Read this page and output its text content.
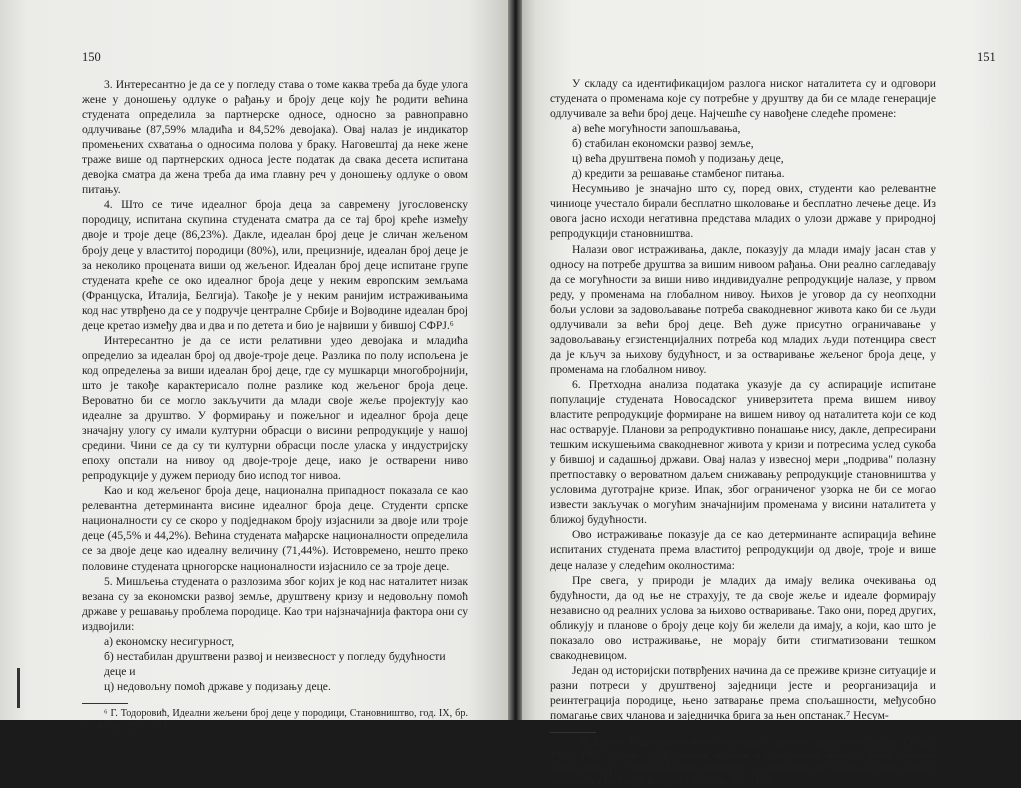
150

3. Интересантно је да се у погледу става о томе каква треба да буде улога жене у доношењу одлуке о рађању и броју деце коју ће родити већина студената определила за партнерске односе, односно за равноправно одлучивање (87,59% младића и 84,52% девојака). Овај налаз је индикатор промењених схватања о односима полова у браку. Наговештај да неке жене траже више од партнерских односа јесте податак да свака десета испитана девојка сматра да жена треба да има главну реч у доношењу одлуке о овом питању.

4. Што се тиче идеалног броја деца за савремену југословенску породицу, испитана скупина студената сматра да се тај број креће између двоје и троје деце (86,23%). Дакле, идеалан број деце је сличан жељеном броју деце у властитој породици (80%), или, прецизније, идеалан број деце је за неколико процената виши од жељеног. Идеалан број деце испитане групе студената креће се око идеалног броја деце у неким европским земљама (Француска, Италија, Белгија). Такође је у неким ранијим истраживањима код нас утврђено да се у подручје централне Србије и Војводине идеалан број деце кретао између два и два и по детета и био је највиши у бившој СФРЈ.⁶

Интересантно је да се исти релативни удео девојака и младића определио за идеалан број од двоје-троје деце. Разлика по полу испољена је код определења за виши идеалан број деце, где су мушкарци многобројнији, што је такође карактерисало полне разлике код жељеног броја деце. Вероватно би се могло закључити да млади своје жеље пројектују као идеалне за друштво. У формирању и пожељног и идеалног броја деце значајну улогу су имали културни обрасци о висини репродукције у нашој средини. Чини се да су ти културни обрасци после уласка у индустријску епоху опстали на нивоу од двоје-троје деце, иако је остварени ниво репродукције у дужем периоду био испод тог нивоа.

Као и код жељеног броја деце, национална припадност показала се као релевантна детерминанта висине идеалног броја деце. Студенти српске националности су се скоро у подједнаком броју изјаснили за двоје или троје деце (45,5% и 44,2%). Већина студената мађарске националности определила се за двоје деце као идеалну величину (71,44%). Истовремено, нешто преко половине студената црногорске националности изјаснило се за троје деце.

5. Мишљења студената о разлозима због којих је код нас наталитет низак везана су за економски развој земље, друштвену кризу и недовољну помоћ државе у решавању проблема породице. Као три најзначајнија фактора они су издвојили:

а) економску несигурност,

б) нестабилан друштвени развој и неизвесност у погледу будућности деце и

ц) недовољну помоћ државе у подизању деце.

⁶ Г. Тодоровић, Идеални жељени број деце у породици, Становништво, год. IX, бр. 3—4, стр. 297—311.

151

У складу са идентификацијом разлога ниског наталитета су и одговори студената о променама које су потребне у друштву да би се младе генерације одлучивале за већи број деце. Најчешће су навођене следеће промене:

а) веће могућности запошљавања,

б) стабилан економски развој земље,

ц) већа друштвена помоћ у подизању деце,

д) кредити за решавање стамбеног питања.

Несумњиво је значајно што су, поред ових, студенти као релевантне чиниоце учестало бирали бесплатно школовање и бесплатно лечење деце. Из овога јасно исходи негативна представа младих о улози државе у природној репродукцији становништва.

Налази овог истраживања, дакле, показују да млади имају јасан став у односу на потребе друштва за вишим нивоом рађања. Они реално сагледавају да се могућности за виши ниво индивидуалне репродукције налазе, у првом реду, у променама на глобалном нивоу. Њихов је уговор да су неопходни бољи услови за задовољавање потреба свакодневног живота како би се људи одлучивали за већи број деце. Већ дуже присутно ограничавање у задовољавању егзистенцијалних потреба код младих људи потенцира свест да је кључ за њихову будућност, и за остваривање жељеног броја деце, у променама на глобалном нивоу.

6. Претходна анализа података указује да су аспирације испитане популације студената Новосадског универзитета према вишем нивоу властите репродукције формиране на вишем нивоу од наталитета који се код нас остварује. Планови за репродуктивно понашање нису, дакле, депресирани тешким искушењима свакодневног живота у кризи и потресима услед сукоба у бившој и садашњој држави. Овај налаз у извесној мери „подрива" полазну претпоставку о вероватном даљем снижавању репродукције становништва у условима дуготрајне кризе. Ипак, због ограниченог узорка не би се могао извести закључак о могућим значајнијим променама у висини наталитета у ближој будућности.

Ово истраживање показује да се као детерминанте аспирација већине испитаних студената према властитој репродукцији од двоје, троје и више деце налазе у следећим околностима:

Пре свега, у природи је младих да имају велика очекивања од будућности, да од ње не страхују, те да своје жеље и идеале формирају независно од реалних услова за њихово остваривање. Тако они, поред других, обликују и планове о броју деце коју би желели да имају, а који, као што је показало ово истраживање, не морају бити стигматизовани тешком свакодневицом.

Један од историјски потврђених начина да се преживе кризне ситуације и разни потреси у друштвеној заједници јесте и реорганизација и реинтеграција породице, њено затварање према спољашности, међусобно помагање свих чланова и заједничка брига за њен опстанак.⁷ Несум-

⁷ А. Милић, Свакодневни живот породице у вртлогу друштвеног расула: Србија, 1991—1995. година, у: Друштвене промене и свакодневни живот: Србија почетком деведесетих, ур. Силвано Болчић, Институт за социолошка истраживања Филозофског факултета у Београду, Београд 1995, стр. 160—179.
